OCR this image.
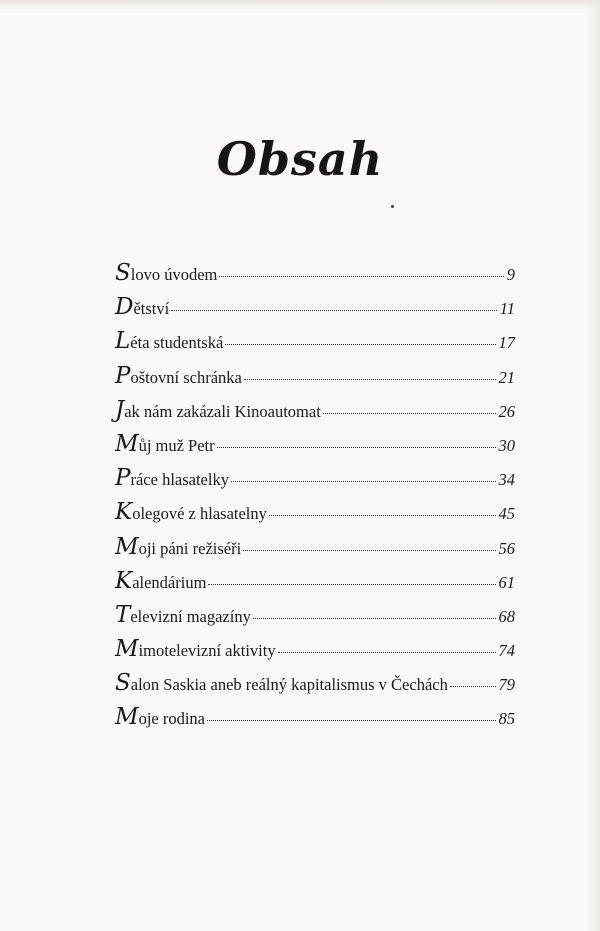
Obsah
S lovo úvodem	9
D ětství	11
L éta studentská	17
P oštovní schránka	21
J ak nám zakázali Kinoautomat	26
M ůj muž Petr	30
P ráce hlasatelky	34
K olegové z hlasatelny	45
M oji páni režiséři	56
K alendárium	61
T elevizní magazíny	68
M imotelevizní aktivity	74
S alon Saskia aneb reálný kapitalismus v Čechách	79
M oje rodina	85
